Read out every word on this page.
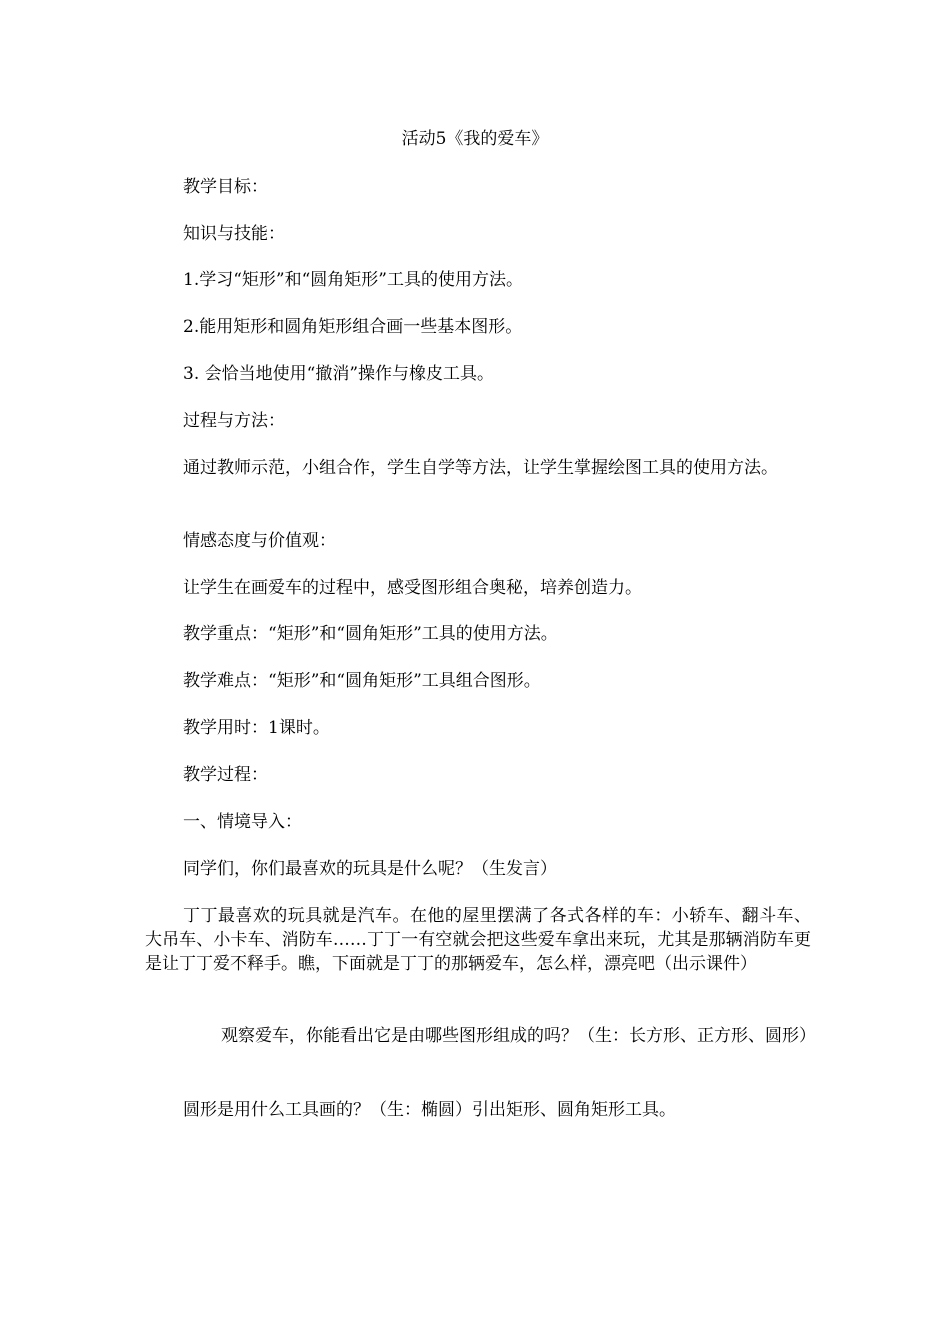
活动5《我的爱车》

教学目标：

知识与技能：

1.学习“矩形”和“圆角矩形”工具的使用方法。

2.能用矩形和圆角矩形组合画一些基本图形。

3. 会恰当地使用“撤消”操作与橡皮工具。

过程与方法：

通过教师示范，小组合作，学生自学等方法，让学生掌握绘图工具的使用方法。

情感态度与价值观：

让学生在画爱车的过程中，感受图形组合奥秘，培养创造力。

教学重点：“矩形”和“圆角矩形”工具的使用方法。

教学难点：“矩形”和“圆角矩形”工具组合图形。

教学用时：1课时。

教学过程：

一、情境导入：

同学们，你们最喜欢的玩具是什么呢？（生发言）

丁丁最喜欢的玩具就是汽车。在他的屋里摆满了各式各样的车：小轿车、翻斗车、大吊车、小卡车、消防车……丁丁一有空就会把这些爱车拿出来玩，尤其是那辆消防车更是让丁丁爱不释手。瞧，下面就是丁丁的那辆爱车，怎么样，漂亮吧（出示课件）

观察爱车，你能看出它是由哪些图形组成的吗？（生：长方形、正方形、圆形）

圆形是用什么工具画的？（生：椭圆）引出矩形、圆角矩形工具。
